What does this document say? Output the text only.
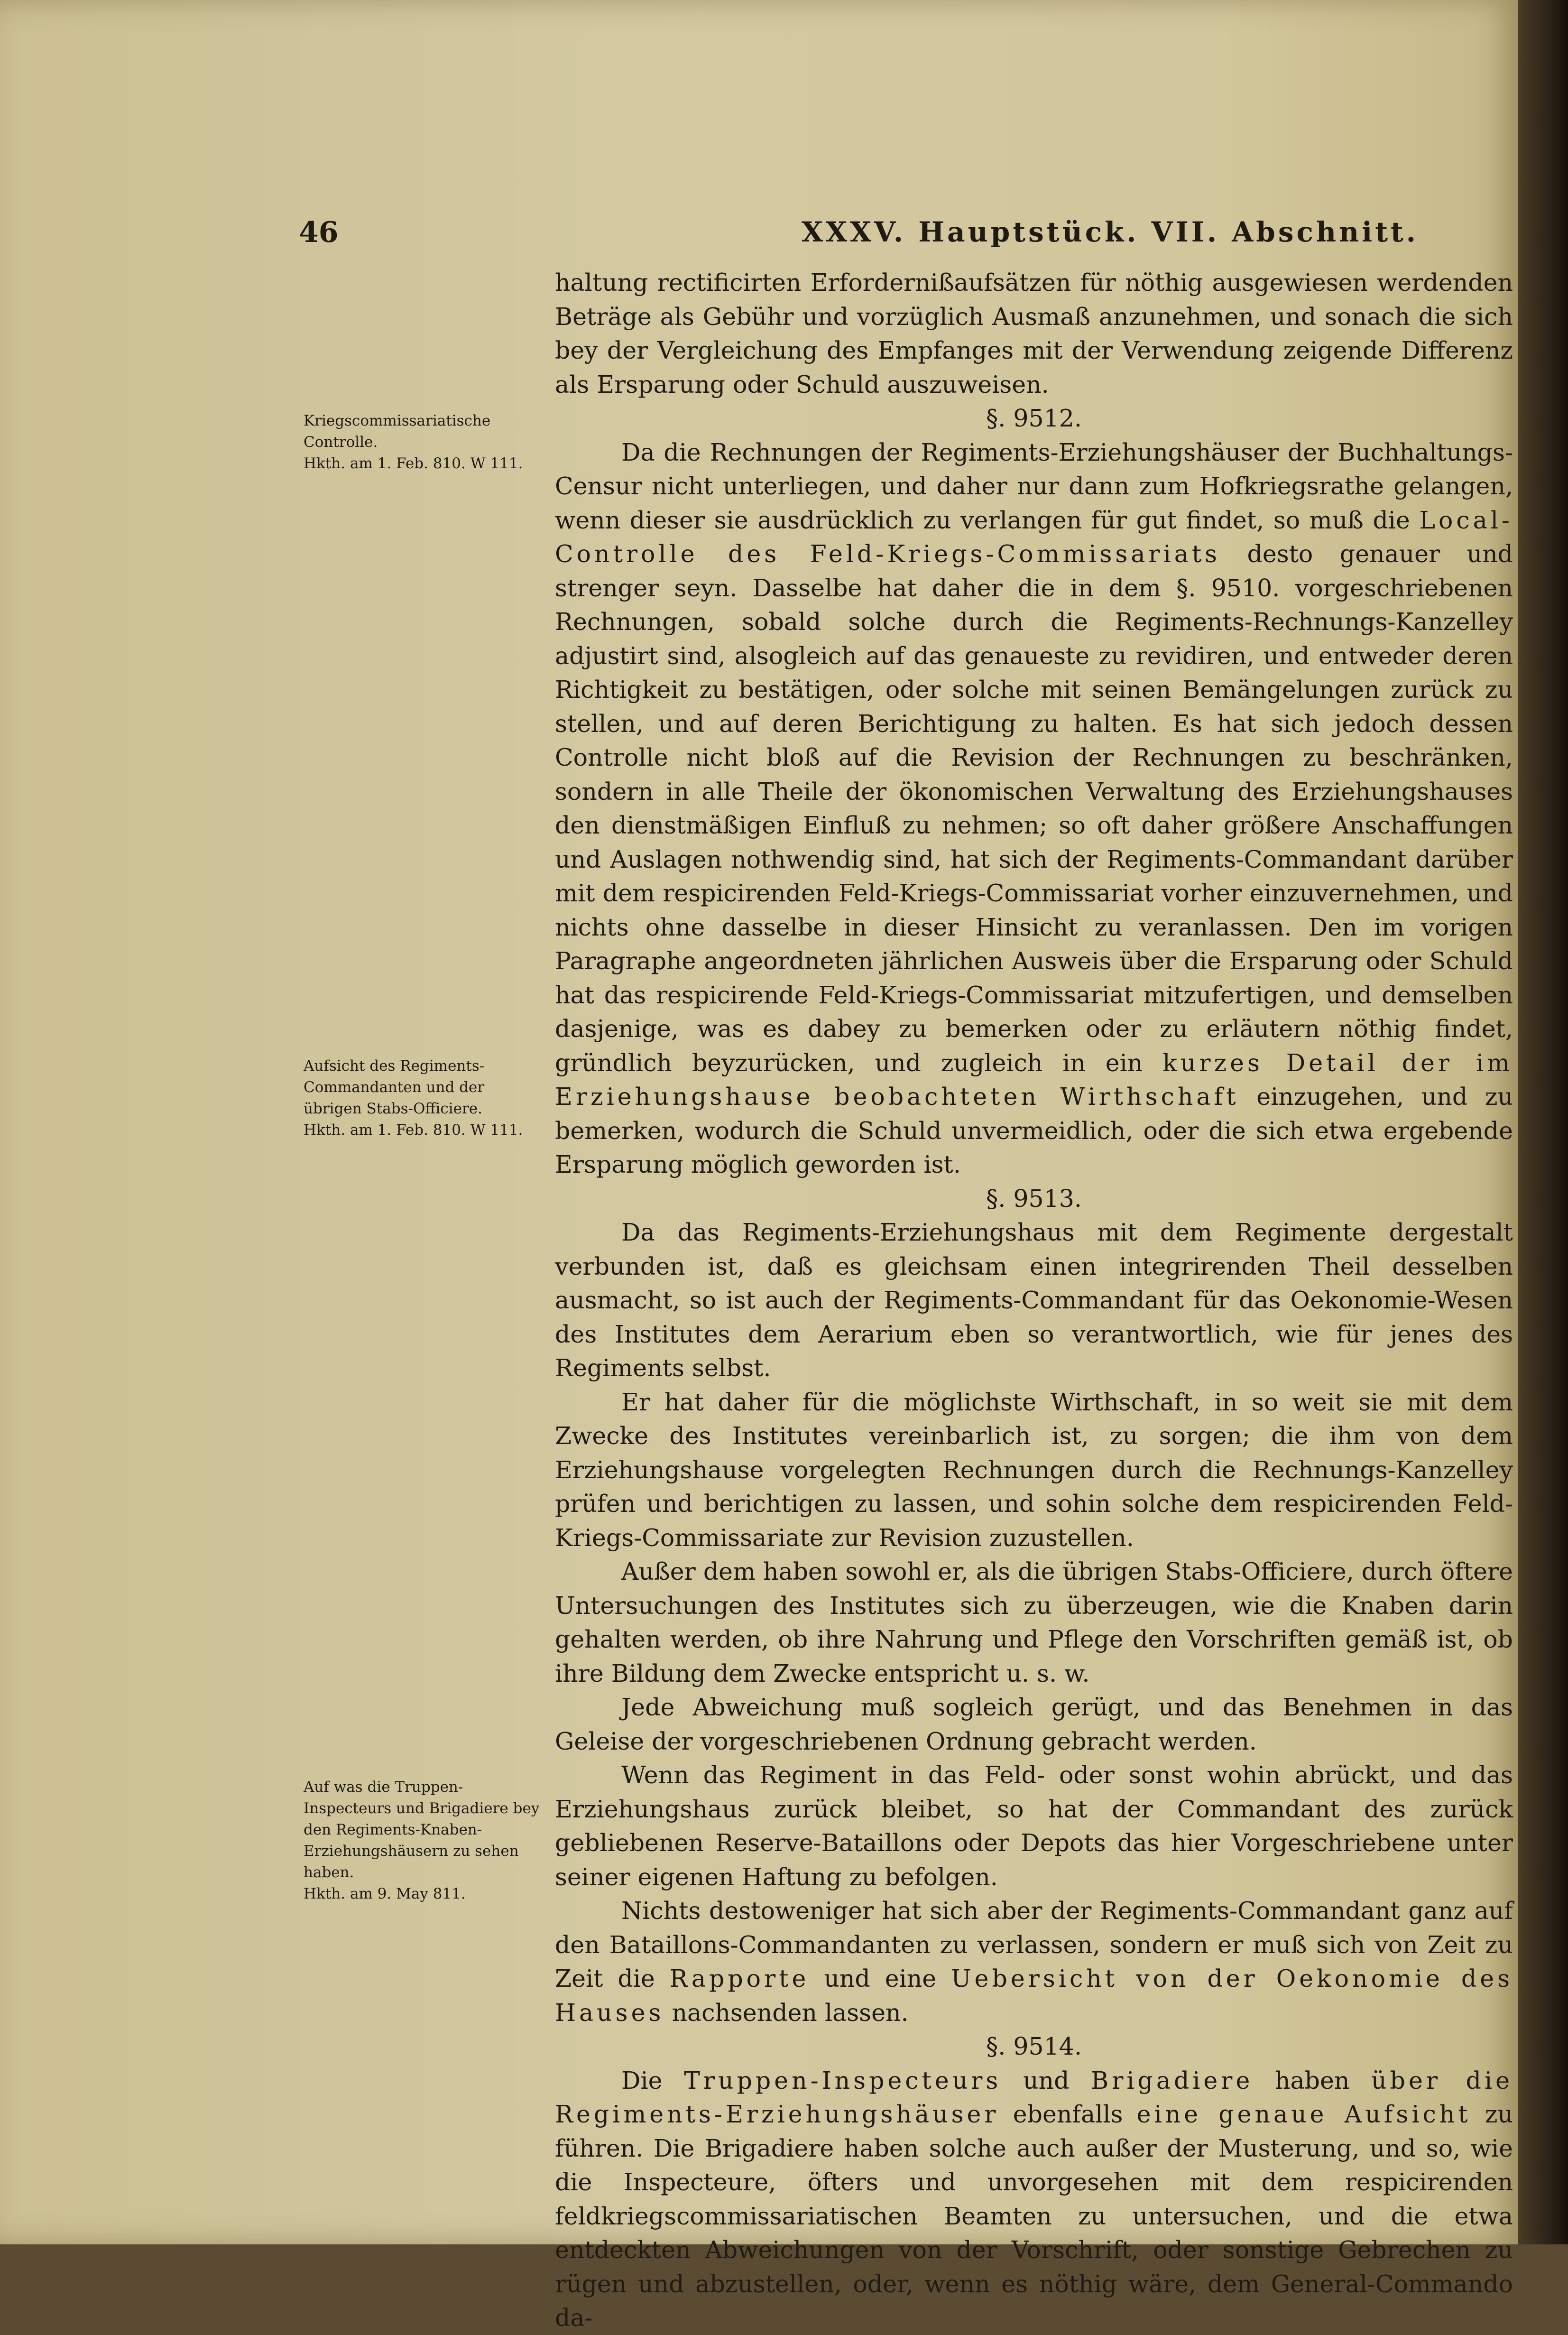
46	XXXV. Hauptstück. VII. Abschnitt.
Kriegscommissariatische Controlle.
Hkth. am 1. Feb. 810. W 111.
Aufsicht des Regiments-Commandanten und der übrigen Stabs-Officiere.
Hkth. am 1. Feb. 810. W 111.
Auf was die Truppen-Inspecteurs und Brigadiere bey den Regiments-Knaben-Erziehungshäusern zu sehen haben.
Hkth. am 9. May 811.

haltung rectificirten Erfordernißaufsätzen für nöthig ausgewiesen werdenden Beträge als Gebühr und vorzüglich Ausmaß anzunehmen, und sonach die sich bey der Vergleichung des Empfanges mit der Verwendung zeigende Differenz als Ersparung oder Schuld auszuweisen.

§. 9512.

Da die Rechnungen der Regiments-Erziehungshäuser der Buchhaltungs-Censur nicht unterliegen, und daher nur dann zum Hofkriegsrathe gelangen, wenn dieser sie ausdrücklich zu verlangen für gut findet, so muß die Local-Controlle des Feld-Kriegs-Commissariats desto genauer und strenger seyn. Dasselbe hat daher die in dem §. 9510. vorgeschriebenen Rechnungen, sobald solche durch die Regiments-Rechnungs-Kanzelley adjustirt sind, alsogleich auf das genaueste zu revidiren, und entweder deren Richtigkeit zu bestätigen, oder solche mit seinen Bemängelungen zurück zu stellen, und auf deren Berichtigung zu halten. Es hat sich jedoch dessen Controlle nicht bloß auf die Revision der Rechnungen zu beschränken, sondern in alle Theile der ökonomischen Verwaltung des Erziehungshauses den dienstmäßigen Einfluß zu nehmen; so oft daher größere Anschaffungen und Auslagen nothwendig sind, hat sich der Regiments-Commandant darüber mit dem respicirenden Feld-Kriegs-Commissariat vorher einzuvernehmen, und nichts ohne dasselbe in dieser Hinsicht zu veranlassen. Den im vorigen Paragraphe angeordneten jährlichen Ausweis über die Ersparung oder Schuld hat das respicirende Feld-Kriegs-Commissariat mitzufertigen, und demselben dasjenige, was es dabey zu bemerken oder zu erläutern nöthig findet, gründlich beyzurücken, und zugleich in ein kurzes Detail der im Erziehungshause beobachteten Wirthschaft einzugehen, und zu bemerken, wodurch die Schuld unvermeidlich, oder die sich etwa ergebende Ersparung möglich geworden ist.

§. 9513.

Da das Regiments-Erziehungshaus mit dem Regimente dergestalt verbunden ist, daß es gleichsam einen integrirenden Theil desselben ausmacht, so ist auch der Regiments-Commandant für das Oekonomie-Wesen des Institutes dem Aerarium eben so verantwortlich, wie für jenes des Regiments selbst.

Er hat daher für die möglichste Wirthschaft, in so weit sie mit dem Zwecke des Institutes vereinbarlich ist, zu sorgen; die ihm von dem Erziehungshause vorgelegten Rechnungen durch die Rechnungs-Kanzelley prüfen und berichtigen zu lassen, und sohin solche dem respicirenden Feld-Kriegs-Commissariate zur Revision zuzustellen.

Außer dem haben sowohl er, als die übrigen Stabs-Officiere, durch öftere Untersuchungen des Institutes sich zu überzeugen, wie die Knaben darin gehalten werden, ob ihre Nahrung und Pflege den Vorschriften gemäß ist, ob ihre Bildung dem Zwecke entspricht u. s. w.

Jede Abweichung muß sogleich gerügt, und das Benehmen in das Geleise der vorgeschriebenen Ordnung gebracht werden.

Wenn das Regiment in das Feld- oder sonst wohin abrückt, und das Erziehungshaus zurück bleibet, so hat der Commandant des zurück gebliebenen Reserve-Bataillons oder Depots das hier Vorgeschriebene unter seiner eigenen Haftung zu befolgen.

Nichts destoweniger hat sich aber der Regiments-Commandant ganz auf den Bataillons-Commandanten zu verlassen, sondern er muß sich von Zeit zu Zeit die Rapporte und eine Uebersicht von der Oekonomie des Hauses nachsenden lassen.

§. 9514.

Die Truppen-Inspecteurs und Brigadiere haben über die Regiments-Erziehungshäuser ebenfalls eine genaue Aufsicht zu führen. Die Brigadiere haben solche auch außer der Musterung, und so, wie die Inspecteure, öfters und unvorgesehen mit dem respicirenden feldkriegscommissariatischen Beamten zu untersuchen, und die etwa entdeckten Abweichungen von der Vorschrift, oder sonstige Gebrechen zu rügen und abzustellen, oder, wenn es nöthig wäre, dem General-Commando da-
